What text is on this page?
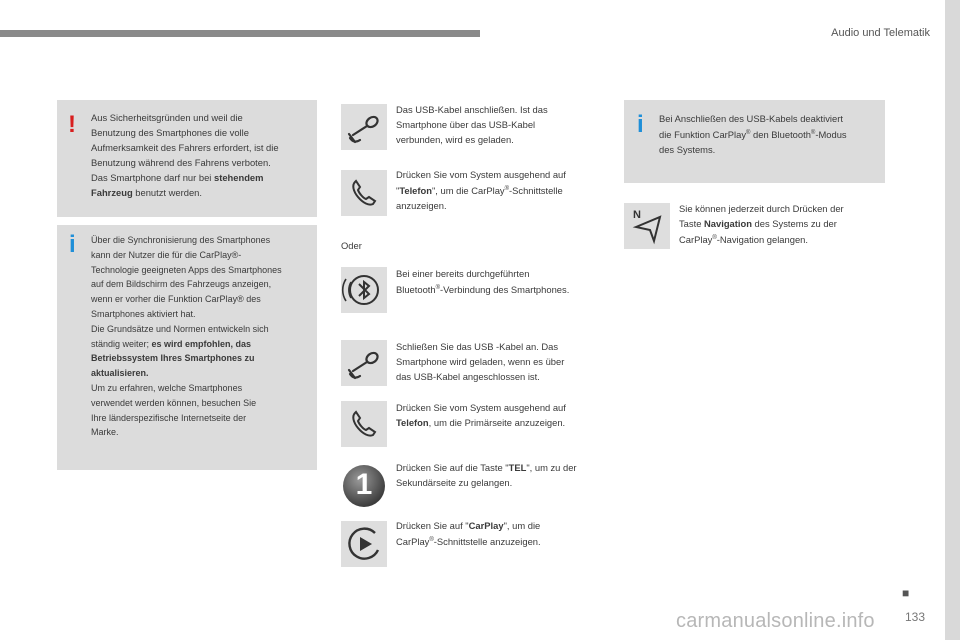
Audio und Telematik
! Aus Sicherheitsgründen und weil die
Benutzung des Smartphones die volle
Aufmerksamkeit des Fahrers erfordert, ist die
Benutzung während des Fahrens verboten.
Das Smartphone darf nur bei stehendem
Fahrzeug benutzt werden.
i Über die Synchronisierung des Smartphones
kann der Nutzer die für die CarPlay®-
Technologie geeigneten Apps des Smartphones
auf dem Bildschirm des Fahrzeugs anzeigen,
wenn er vorher die Funktion CarPlay® des
Smartphones aktiviert hat.
Die Grundsätze und Normen entwickeln sich
ständig weiter; es wird empfohlen, das
Betriebssystem Ihres Smartphones zu
aktualisieren.
Um zu erfahren, welche Smartphones
verwendet werden können, besuchen Sie
Ihre länderspezifische Internetseite der
Marke.
Oder
1
Das USB-Kabel anschließen. Ist das
Smartphone über das USB-Kabel
verbunden, wird es geladen.
Drücken Sie vom System ausgehend auf
"Telefon", um die CarPlay®-Schnittstelle
anzuzeigen.
Bei einer bereits durchgeführten
Bluetooth®-Verbindung des Smartphones.
Schließen Sie das USB -Kabel an. Das
Smartphone wird geladen, wenn es über
das USB-Kabel angeschlossen ist.
Drücken Sie vom System ausgehend auf
Telefon, um die Primärseite anzuzeigen.
Drücken Sie auf die Taste "TEL", um zu der
Sekundärseite zu gelangen.
Drücken Sie auf "CarPlay", um die
CarPlay®-Schnittstelle anzuzeigen.
i Bei Anschließen des USB-Kabels deaktiviert
die Funktion CarPlay® den Bluetooth®-Modus
des Systems.
N
Sie können jederzeit durch Drücken der
Taste Navigation des Systems zu der
CarPlay®-Navigation gelangen.
■
133
carmanualsonline.info
